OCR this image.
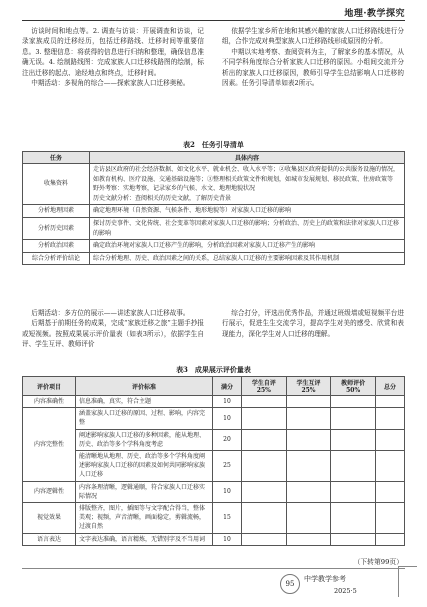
地理·教学探究

访谈时间和地点等。2. 调查与访谈：开展调查和访谈，记录家族成员的迁移经历，包括迁移路线、迁移时间等重要信息。3. 整理信息：将获得的信息进行归纳和整理，确保信息准确无误。4. 绘制路线图：完成家族人口迁移线路图的绘制，标注出迁移的起点、途经地点和终点，迁移时间。

中期活动：多视角的综合——探索家族人口迁移奥秘。

依据学生家乡所在地和其感兴趣的家族人口迁移路线进行分组，合作完成对典型家族人口迁移路线形成原因的分析。

中期以实地考察、查阅资料为主，了解家乡的基本情况，从不同学科角度综合分析家族人口迁移的原因。小组间交流并分析出的家族人口迁移原因，教师引导学生总结影响人口迁移的因素。任务引导清单如表2所示。

表2　任务引导清单
任务	具体内容
收集资料	走访县区政府的社会经济数据、如文化水平、就业机会、收入水平等；②收集县区政府提供的公共服务设施的情况，如教育机构、医疗设施、交通基础设施等；③整理相关政策文件和规划，如城市发展规划、移民政策、住房政策等
野外考察：实地考察，记录家乡的气候、水文、地理地貌状况
历史文献分析：查阅相关的历史文献，了解历史背景
分析地理因素	确定地理环境（自然资源、气候条件、地形地貌等）对家族人口迁移的影响
分析历史因素	探讨历史事件、文化传统、社会变革等因素对家族人口迁移的影响；分析政治、历史上的政策和法律对家族人口迁移的影响
分析政治因素	确定政治环境对家族人口迁移产生的影响，分析政治因素对家族人口迁移产生的影响
综合分析评价结论	综合分析地理、历史、政治因素之间的关系，总结家族人口迁移的主要影响因素及其作用机制

后期活动：多方位的展示——讲述家族人口迁移故事。

后期基于前期任务的成果，完成“家族迁移之旅”主题手抄报或短视频。按照成果展示评价量表（如表3所示），依据学生自评、学生互评、教师评价

综合打分，评选出优秀作品，并通过班级墙或短视频平台进行展示，促进生生交流学习，提高学生对美的感受、欣赏和表现能力，深化学生对人口迁移的理解。

表3　成果展示评价量表
评价项目	评价标准	满分	学生自评25%	学生互评25%	教师评价50%	总分
内容准确性	信息准确，真实，符合主题	10				
内容完整性	涵盖家族人口迁移的原因、过程、影响，内容完整	10				
	阐述影响家族人口迁移的多种因素，能从地理、历史、政治等多个学科角度考虑	20				
	能清晰地从地理、历史、政治等多个学科角度阐述影响家族人口迁移的因素及如何共同影响家族人口迁移	25				
内容逻辑性	内容条理清晰，逻辑通顺，符合家族人口迁移实际情况	10				
视觉效果	排版整齐，图片，插图等与文字配合得当，整体美观；视频，声音清晰，画面稳定，剪辑流畅，过渡自然	15				
语言表达	文字表达准确，语言精炼，无错别字及不当用词	10				
（下转第99页）
95
中学教学参考
2025·5
